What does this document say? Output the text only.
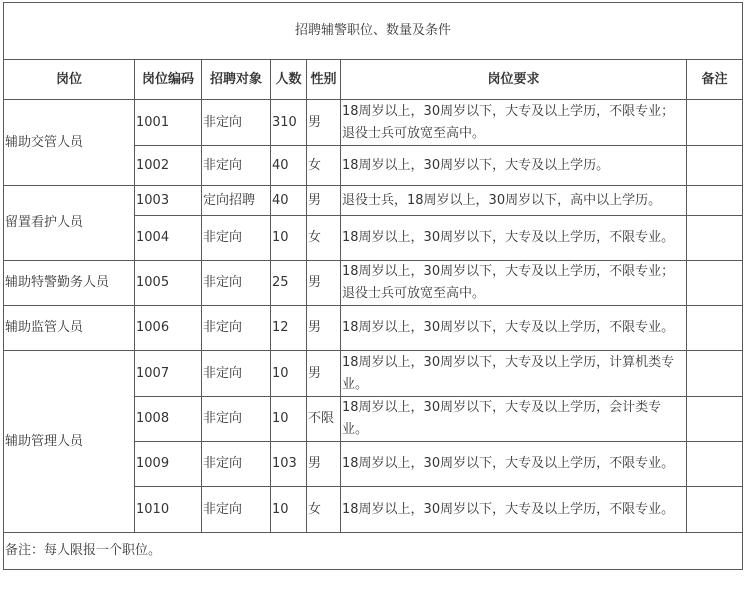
招聘辅警职位、数量及条件						
岗位	岗位编码	招聘对象	人数	性别	岗位要求	备注
辅助交管人员	1001	非定向	310	男	18周岁以上，30周岁以下，大专及以上学历，不限专业；退役士兵可放宽至高中。	
	1002	非定向	40	女	18周岁以上，30周岁以下，大专及以上学历。	
留置看护人员	1003	定向招聘	40	男	退役士兵，18周岁以上，30周岁以下，高中以上学历。	
	1004	非定向	10	女	18周岁以上，30周岁以下，大专及以上学历，不限专业。	
辅助特警勤务人员	1005	非定向	25	男	18周岁以上，30周岁以下，大专及以上学历，不限专业；退役士兵可放宽至高中。	
辅助监管人员	1006	非定向	12	男	18周岁以上，30周岁以下，大专及以上学历，不限专业。	
辅助管理人员	1007	非定向	10	男	18周岁以上，30周岁以下，大专及以上学历，计算机类专业。	
	1008	非定向	10	不限	18周岁以上，30周岁以下，大专及以上学历，会计类专业。	
	1009	非定向	103	男	18周岁以上，30周岁以下，大专及以上学历，不限专业。	
	1010	非定向	10	女	18周岁以上，30周岁以下，大专及以上学历，不限专业。	
备注：每人限报一个职位。						
